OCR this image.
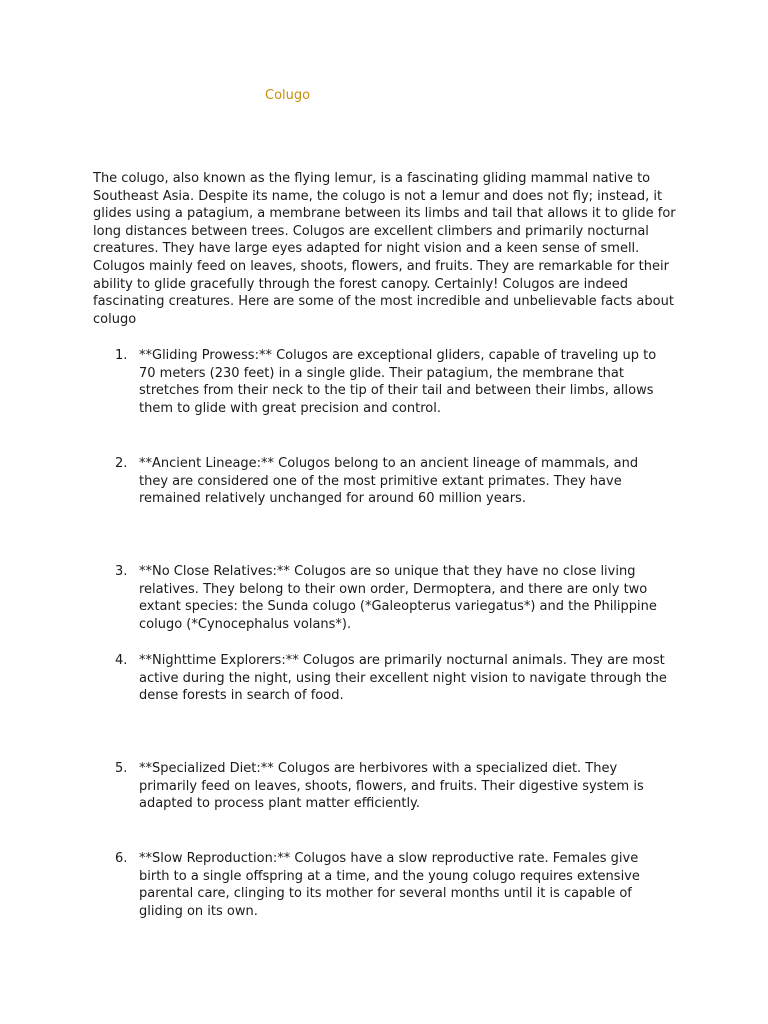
Colugo

The colugo, also known as the flying lemur, is a fascinating gliding mammal native to Southeast Asia. Despite its name, the colugo is not a lemur and does not fly; instead, it glides using a patagium, a membrane between its limbs and tail that allows it to glide for long distances between trees. Colugos are excellent climbers and primarily nocturnal creatures. They have large eyes adapted for night vision and a keen sense of smell. Colugos mainly feed on leaves, shoots, flowers, and fruits. They are remarkable for their ability to glide gracefully through the forest canopy. Certainly! Colugos are indeed fascinating creatures. Here are some of the most incredible and unbelievable facts about colugo

1. **Gliding Prowess:** Colugos are exceptional gliders, capable of traveling up to 70 meters (230 feet) in a single glide. Their patagium, the membrane that stretches from their neck to the tip of their tail and between their limbs, allows them to glide with great precision and control.
2. **Ancient Lineage:** Colugos belong to an ancient lineage of mammals, and they are considered one of the most primitive extant primates. They have remained relatively unchanged for around 60 million years.
3. **No Close Relatives:** Colugos are so unique that they have no close living relatives. They belong to their own order, Dermoptera, and there are only two extant species: the Sunda colugo (*Galeopterus variegatus*) and the Philippine colugo (*Cynocephalus volans*).
4. **Nighttime Explorers:** Colugos are primarily nocturnal animals. They are most active during the night, using their excellent night vision to navigate through the dense forests in search of food.
5. **Specialized Diet:** Colugos are herbivores with a specialized diet. They primarily feed on leaves, shoots, flowers, and fruits. Their digestive system is adapted to process plant matter efficiently.
6. **Slow Reproduction:** Colugos have a slow reproductive rate. Females give birth to a single offspring at a time, and the young colugo requires extensive parental care, clinging to its mother for several months until it is capable of gliding on its own.
